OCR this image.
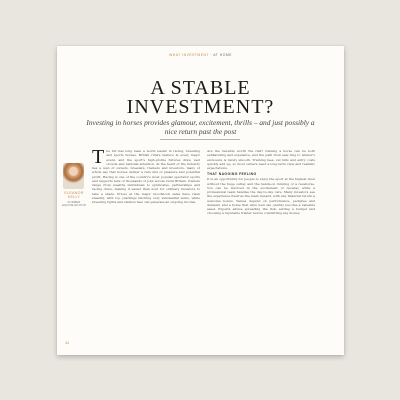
WHAT INVESTMENT · AT HOME
A STABLE
INVESTMENT?
Investing in horses provides glamour, excitement, thrills – and just possibly a nice return past the post
ELEANOR
KELLY
FORMER
EQUINE EDITOR

The UK has long been a world leader in racing, breeding and sports horses. British riders feature in every major event, and the sport's high-profile fixtures draw vast crowds and national attention. At the heart of the industry lies a web of owners, breeders, trainers and investors, many of whom say that horses deliver a rare mix of pleasure and potential profit. Racing is one of the country's most popular spectator sports and supports tens of thousands of jobs across rural Britain. Owners range from wealthy individuals to syndicates, partnerships and racing clubs, making it easier than ever for ordinary investors to take a share. Prices at the major bloodstock sales have risen steadily, with top yearlings fetching very substantial sums, while breeding rights and stallion fees can generate an ongoing income.

Are the rewards worth the risk? Owning a horse can be both exhilarating and expensive, and the path from sale ring to winner's enclosure is rarely smooth. Training fees, vet bills and entry costs quickly add up, so most owners need a long-term view and realistic expectations.

THAT NAGGING FEELING

It is an opportunity for people to enjoy the sport at the highest level without the huge outlay and the hands-on running of a racehorse. You can be involved in the excitement of raceday while a professional team handles the day-to-day care. Many investors see the experience itself as the main reward, with any financial return a welcome bonus. Values depend on performance, pedigree and demand, and a horse that wins well can quickly become a valuable asset. Experts advise spreading the risk, setting a budget and choosing a reputable trainer before committing any money.

44
